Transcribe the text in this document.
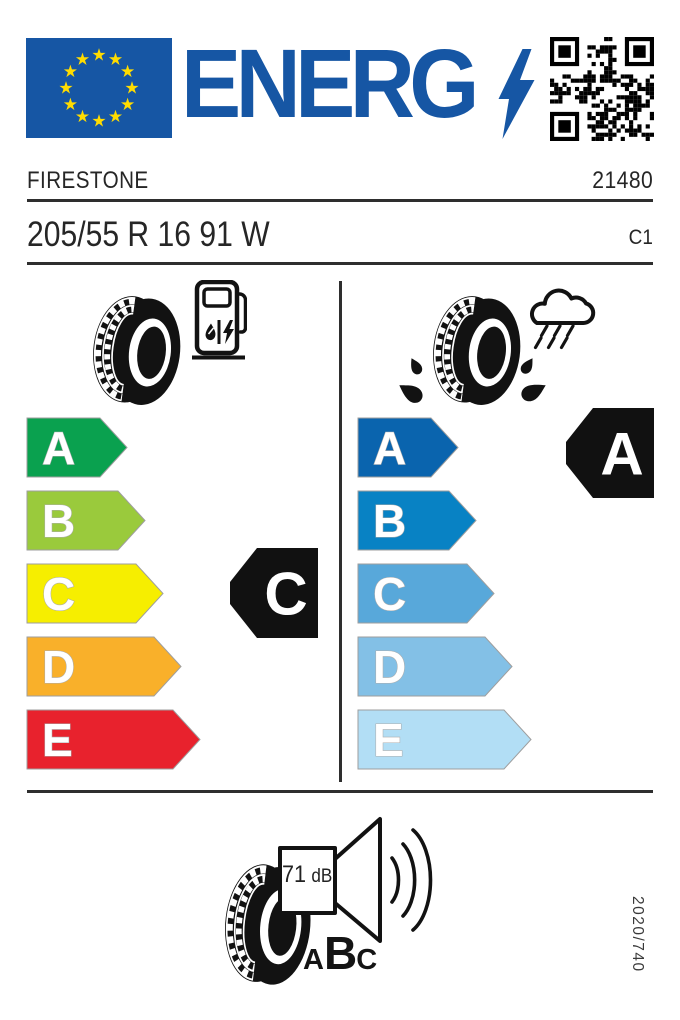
ENERG
FIRESTONE	21480
205/55 R 16 91 W	C1
A
B
C
D
E
A
B
C
D
E
C
A
71 dB
ABC	2020/740
